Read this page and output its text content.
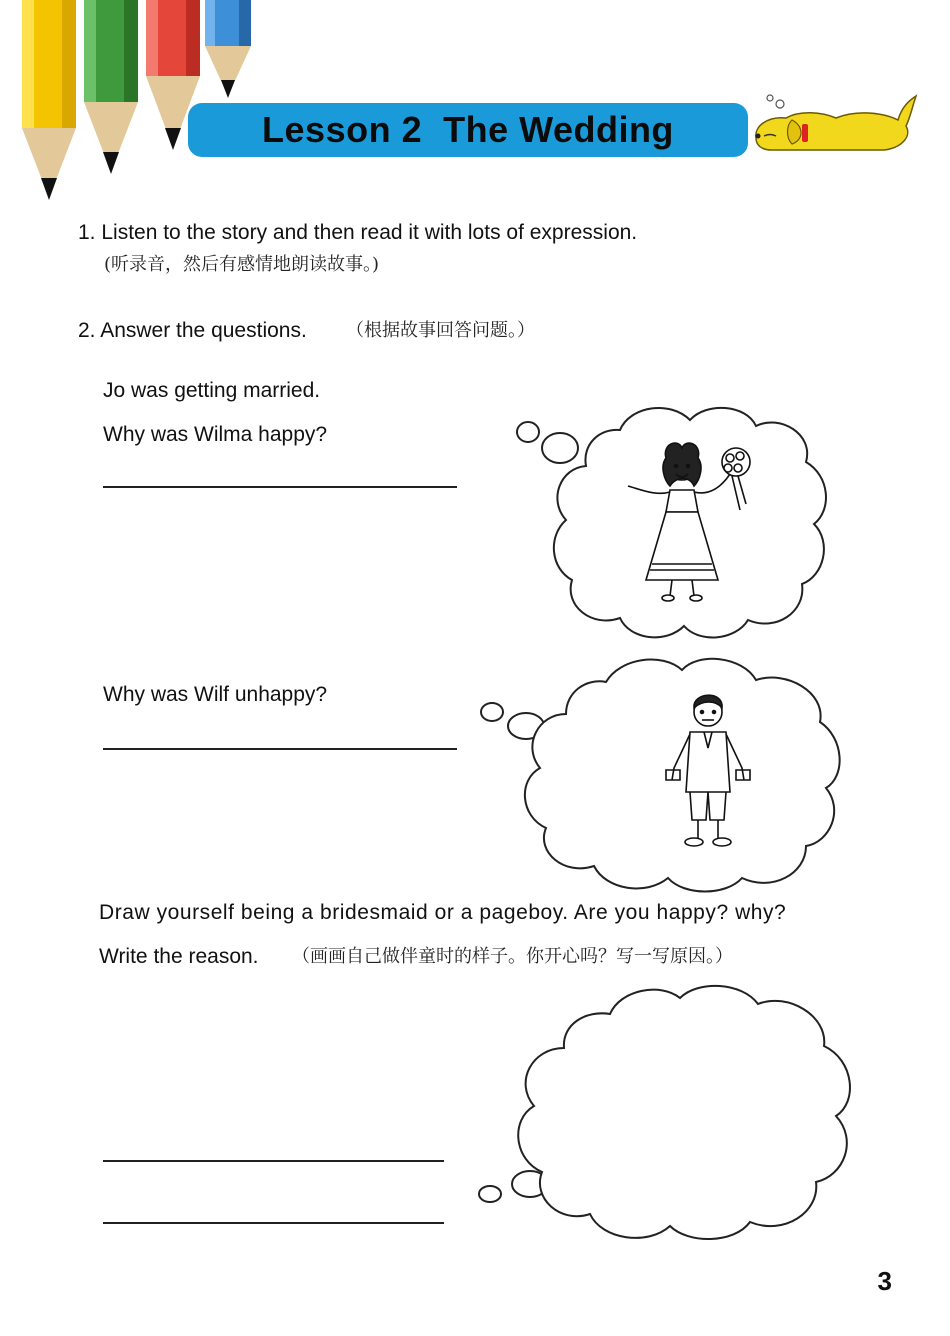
Lesson 2  The Wedding
1. Listen to the story and then read it with lots of expression.
(听录音，然后有感情地朗读故事。)
2. Answer the questions. （根据故事回答问题。）
Jo was getting married.
Why was Wilma happy?
Why was Wilf unhappy?
Draw yourself being a bridesmaid or a pageboy. Are you happy? why?
Write the reason. （画画自己做伴童时的样子。你开心吗？写一写原因。）
3
